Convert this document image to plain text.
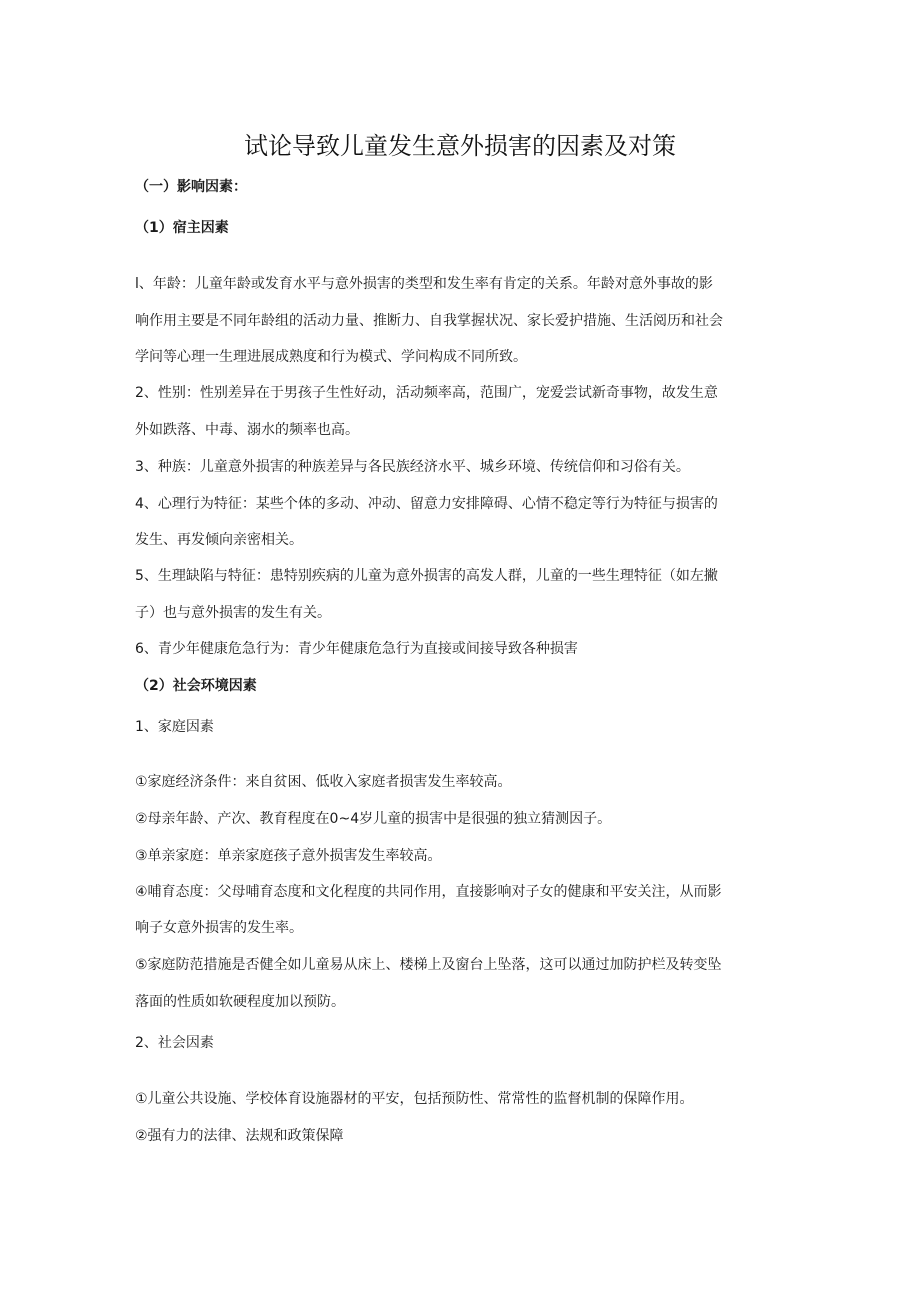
试论导致儿童发生意外损害的因素及对策

（一）影响因素：

（1）宿主因素

l、年龄：儿童年龄或发育水平与意外损害的类型和发生率有肯定的关系。年龄对意外事故的影

响作用主要是不同年龄组的活动力量、推断力、自我掌握状况、家长爱护措施、生活阅历和社会

学问等心理一生理进展成熟度和行为模式、学问构成不同所致。

2、性别：性别差异在于男孩子生性好动，活动频率高，范围广，宠爱尝试新奇事物，故发生意

外如跌落、中毒、溺水的频率也高。

3、种族：儿童意外损害的种族差异与各民族经济水平、城乡环境、传统信仰和习俗有关。

4、心理行为特征：某些个体的多动、冲动、留意力安排障碍、心情不稳定等行为特征与损害的

发生、再发倾向亲密相关。

5、生理缺陷与特征：患特别疾病的儿童为意外损害的高发人群，儿童的一些生理特征（如左撇

子）也与意外损害的发生有关。

6、青少年健康危急行为：青少年健康危急行为直接或间接导致各种损害

（2）社会环境因素

1、家庭因素

①家庭经济条件：来自贫困、低收入家庭者损害发生率较高。

②母亲年龄、产次、教育程度在0~4岁儿童的损害中是很强的独立猜测因子。

③单亲家庭：单亲家庭孩子意外损害发生率较高。

④哺育态度：父母哺育态度和文化程度的共同作用，直接影响对子女的健康和平安关注，从而影

响子女意外损害的发生率。

⑤家庭防范措施是否健全如儿童易从床上、楼梯上及窗台上坠落，这可以通过加防护栏及转变坠

落面的性质如软硬程度加以预防。

2、社会因素

①儿童公共设施、学校体育设施器材的平安，包括预防性、常常性的监督机制的保障作用。

②强有力的法律、法规和政策保障
